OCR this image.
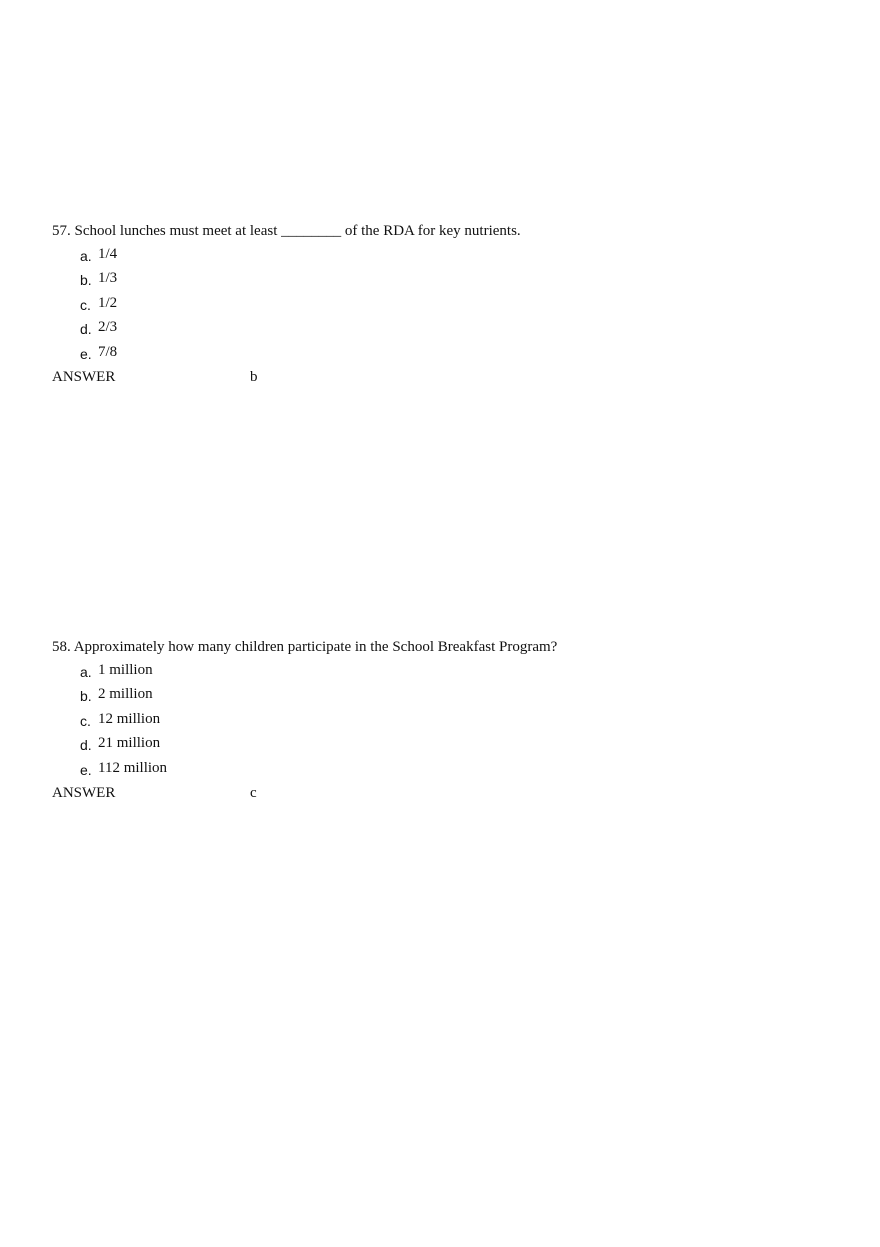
57. School lunches must meet at least ________ of the RDA for key nutrients.
a. 1/4
b. 1/3
c. 1/2
d. 2/3
e. 7/8
ANSWER	b
58. Approximately how many children participate in the School Breakfast Program?
a. 1 million
b. 2 million
c. 12 million
d. 21 million
e. 112 million
ANSWER	c
